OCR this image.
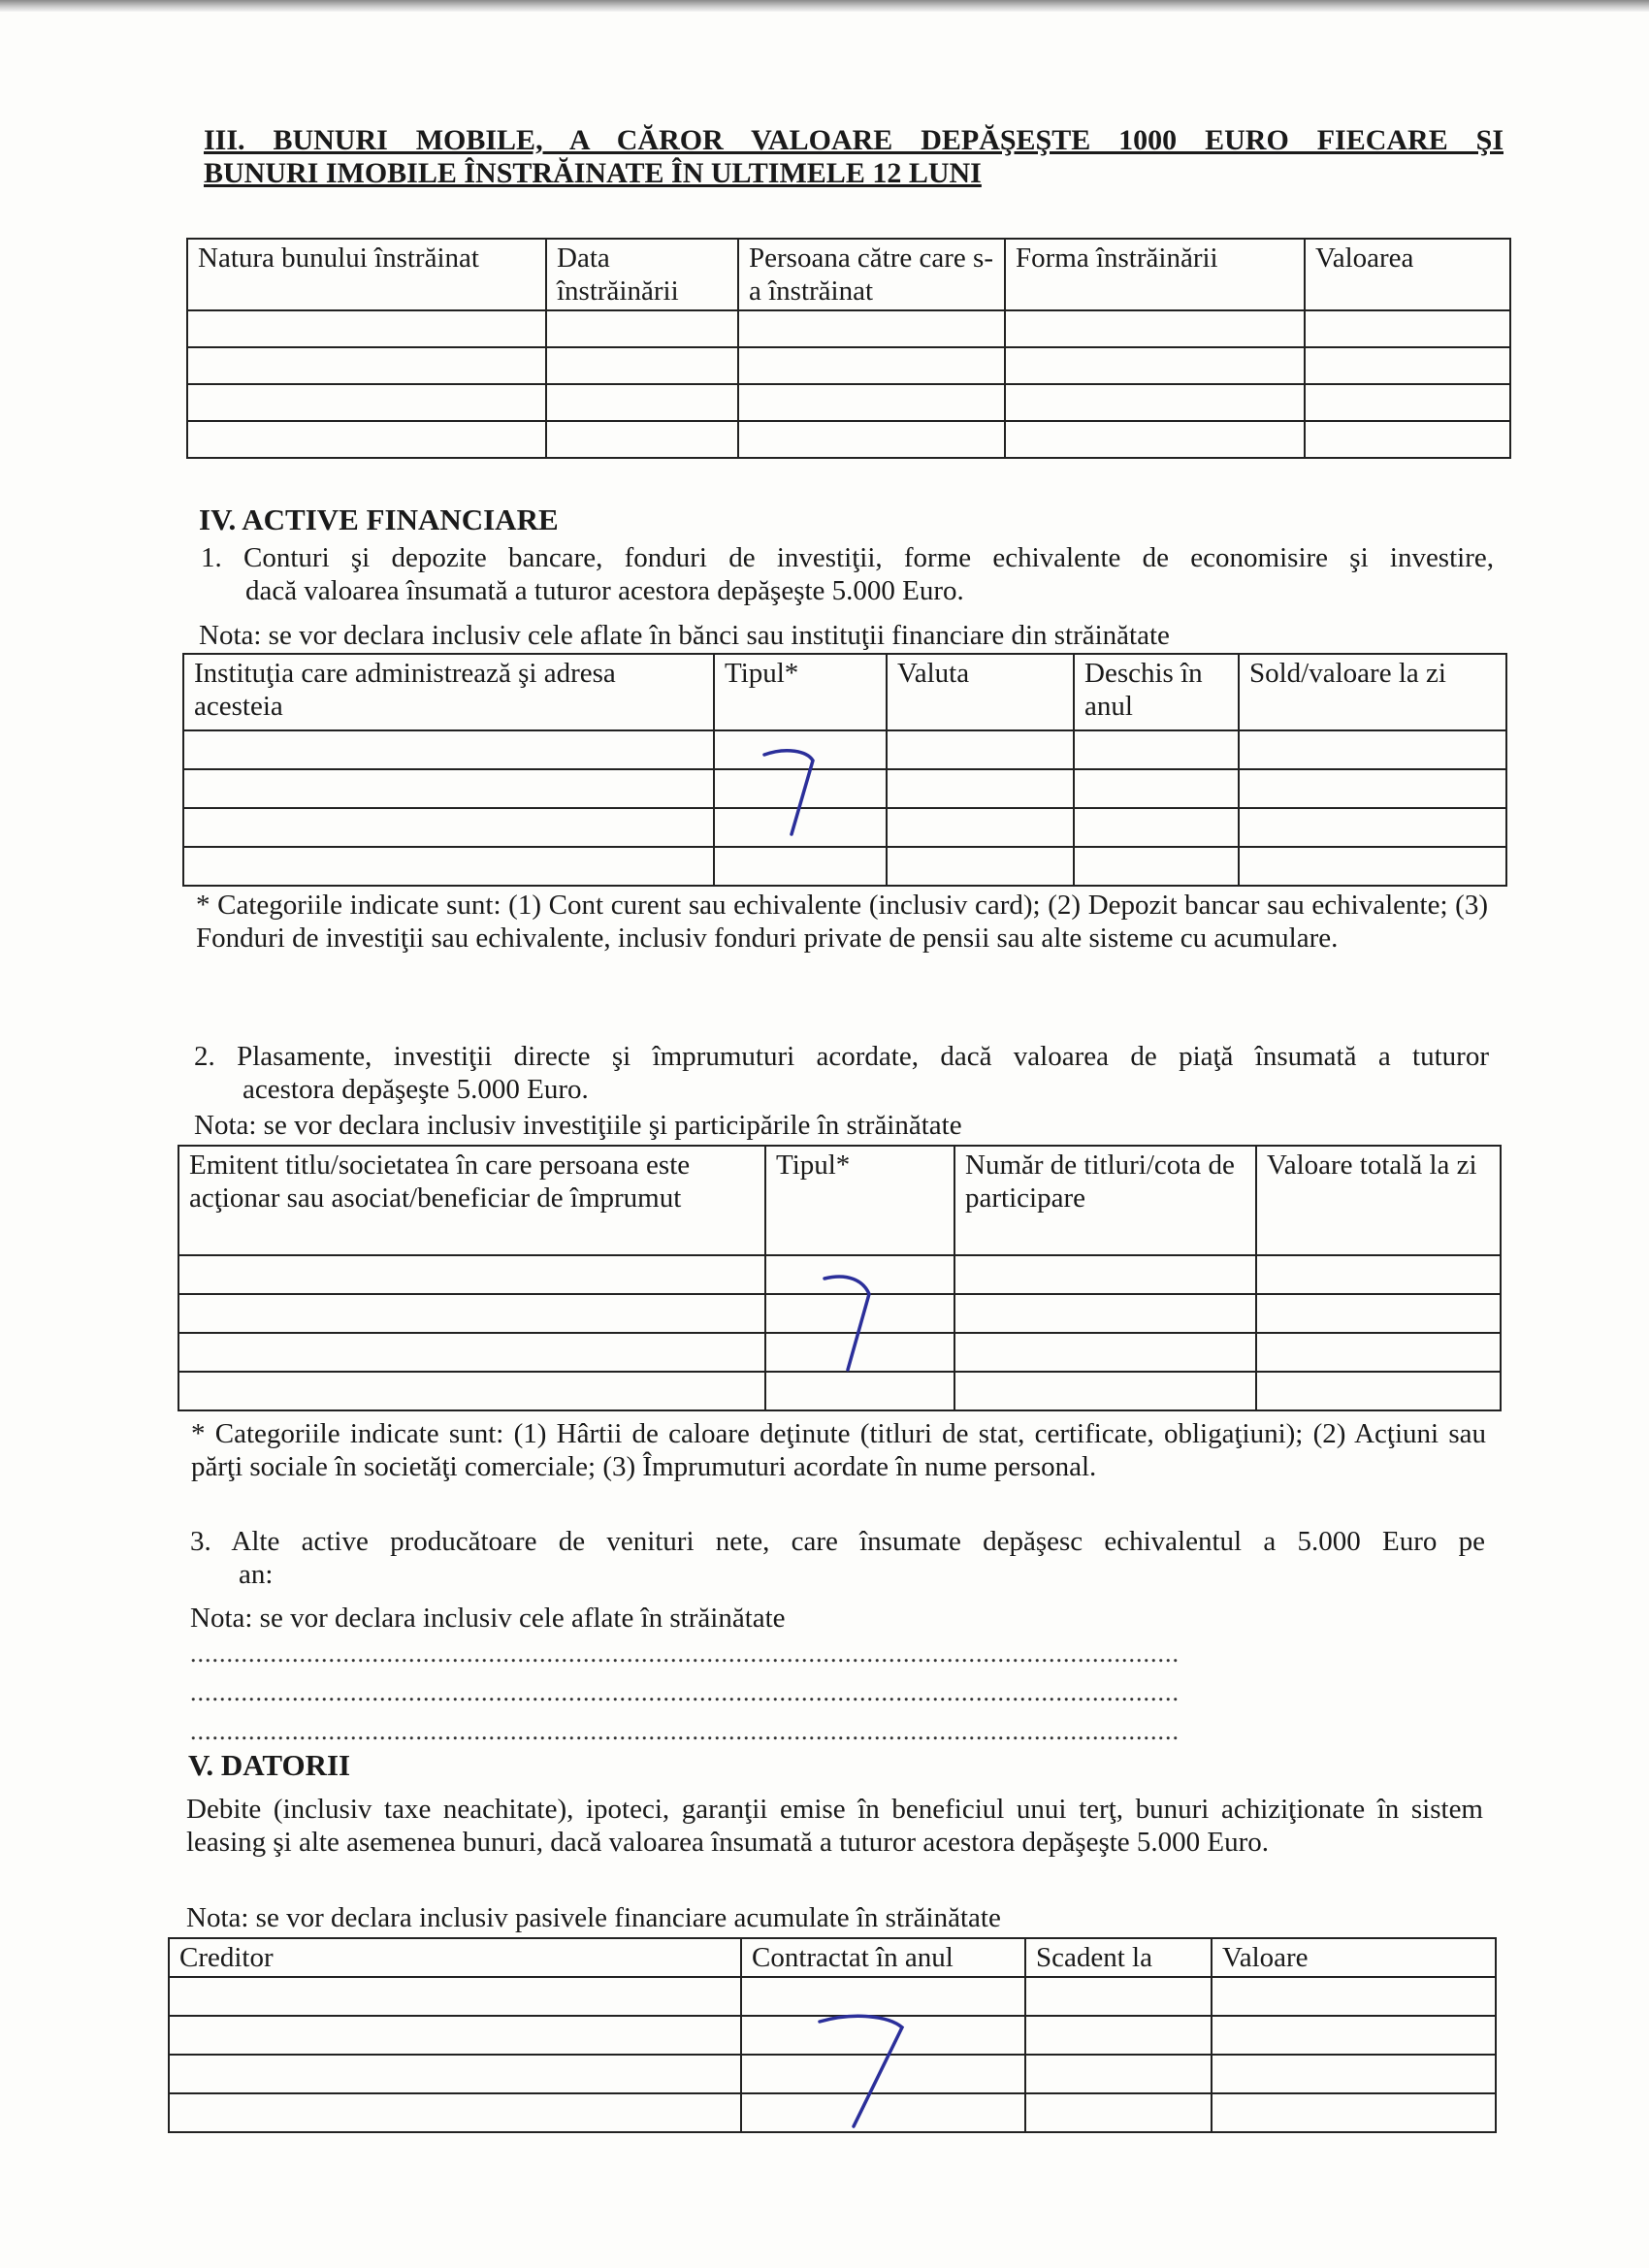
III. BUNURI MOBILE, A CĂROR VALOARE DEPĂŞEŞTE 1000 EURO FIECARE ŞI
BUNURI IMOBILE ÎNSTRĂINATE ÎN ULTIMELE 12 LUNI
Natura bunului înstrăinat	Data înstrăinării	Persoana către care s-a înstrăinat	Forma înstrăinării	Valoarea

IV. ACTIVE FINANCIARE
1. Conturi şi depozite bancare, fonduri de investiţii, forme echivalente de economisire şi investire,
dacă valoarea însumată a tuturor acestora depăşeşte 5.000 Euro.
Nota: se vor declara inclusiv cele aflate în bănci sau instituţii financiare din străinătate
Instituţia care administrează şi adresa acesteia	Tipul*	Valuta	Deschis în anul	Sold/valoare la zi

* Categoriile indicate sunt: (1) Cont curent sau echivalente (inclusiv card); (2) Depozit bancar sau echivalente; (3) Fonduri de investiţii sau echivalente, inclusiv fonduri private de pensii sau alte sisteme cu acumulare.
2. Plasamente, investiţii directe şi împrumuturi acordate, dacă valoarea de piaţă însumată a tuturor
acestora depăşeşte 5.000 Euro.
Nota: se vor declara inclusiv investiţiile şi participările în străinătate
Emitent titlu/societatea în care persoana este acţionar sau asociat/beneficiar de împrumut	Tipul*	Număr de titluri/cota de participare	Valoare totală la zi

* Categoriile indicate sunt: (1) Hârtii de caloare deţinute (titluri de stat, certificate, obligaţiuni); (2) Acţiuni sau părţi sociale în societăţi comerciale; (3) Împrumuturi acordate în nume personal.
3. Alte active producătoare de venituri nete, care însumate depăşesc echivalentul a 5.000 Euro pe
an:
Nota: se vor declara inclusiv cele aflate în străinătate
........................................................................................................................................
........................................................................................................................................
........................................................................................................................................
V. DATORII
Debite (inclusiv taxe neachitate), ipoteci, garanţii emise în beneficiul unui terţ, bunuri achiziţionate în sistem leasing şi alte asemenea bunuri, dacă valoarea însumată a tuturor acestora depăşeşte 5.000 Euro.
Nota: se vor declara inclusiv pasivele financiare acumulate în străinătate
Creditor	Contractat în anul	Scadent la	Valoare
